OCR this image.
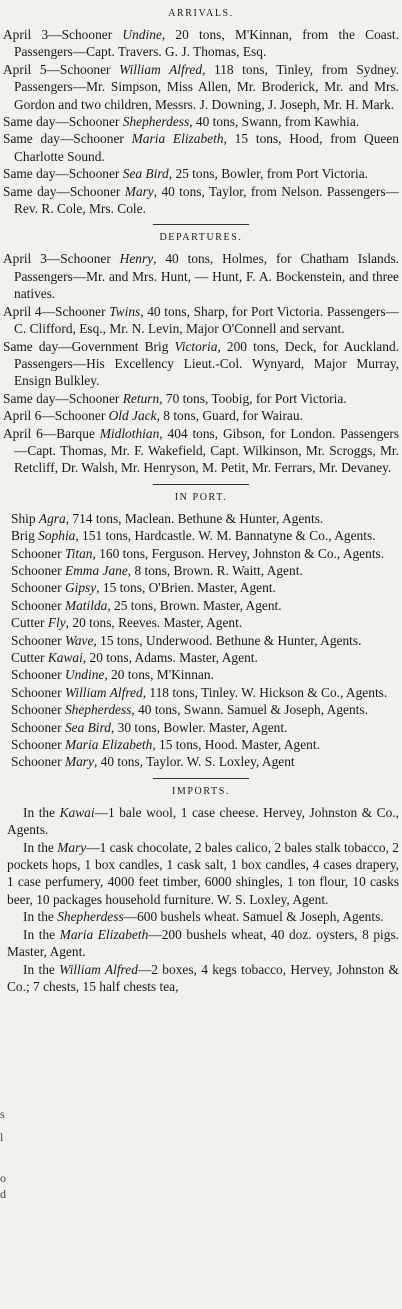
ARRIVALS.
April 3—Schooner Undine, 20 tons, M'Kinnan, from the Coast. Passengers—Capt. Travers. G. J. Thomas, Esq.
April 5—Schooner William Alfred, 118 tons, Tinley, from Sydney. Passengers—Mr. Simpson, Miss Allen, Mr. Broderick, Mr. and Mrs. Gordon and two children, Messrs. J. Downing, J. Joseph, Mr. H. Mark.
Same day—Schooner Shepherdess, 40 tons, Swann, from Kawhia.
Same day—Schooner Maria Elizabeth, 15 tons, Hood, from Queen Charlotte Sound.
Same day—Schooner Sea Bird, 25 tons, Bowler, from Port Victoria.
Same day—Schooner Mary, 40 tons, Taylor, from Nelson. Passengers—Rev. R. Cole, Mrs. Cole.
DEPARTURES.
April 3—Schooner Henry, 40 tons, Holmes, for Chatham Islands. Passengers—Mr. and Mrs. Hunt, — Hunt, F. A. Bockenstein, and three natives.
April 4—Schooner Twins, 40 tons, Sharp, for Port Victoria. Passengers—C. Clifford, Esq., Mr. N. Levin, Major O'Connell and servant.
Same day—Government Brig Victoria, 200 tons, Deck, for Auckland. Passengers—His Excellency Lieut.-Col. Wynyard, Major Murray, Ensign Bulkley.
Same day—Schooner Return, 70 tons, Toobig, for Port Victoria.
April 6—Schooner Old Jack, 8 tons, Guard, for Wairau.
April 6—Barque Midlothian, 404 tons, Gibson, for London. Passengers—Capt. Thomas, Mr. F. Wakefield, Capt. Wilkinson, Mr. Scroggs, Mr. Retcliff, Dr. Walsh, Mr. Henryson, M. Petit, Mr. Ferrars, Mr. Devaney.
IN PORT.
Ship Agra, 714 tons, Maclean. Bethune & Hunter, Agents.
Brig Sophia, 151 tons, Hardcastle. W. M. Bannatyne & Co., Agents.
Schooner Titan, 160 tons, Ferguson. Hervey, Johnston & Co., Agents.
Schooner Emma Jane, 8 tons, Brown. R. Waitt, Agent.
Schooner Gipsy, 15 tons, O'Brien. Master, Agent.
Schooner Matilda, 25 tons, Brown. Master, Agent.
Cutter Fly, 20 tons, Reeves. Master, Agent.
Schooner Wave, 15 tons, Underwood. Bethune & Hunter, Agents.
Cutter Kawai, 20 tons, Adams. Master, Agent.
Schooner Undine, 20 tons, M'Kinnan.
Schooner William Alfred, 118 tons, Tinley. W. Hickson & Co., Agents.
Schooner Shepherdess, 40 tons, Swann. Samuel & Joseph, Agents.
Schooner Sea Bird, 30 tons, Bowler. Master, Agent.
Schooner Maria Elizabeth, 15 tons, Hood. Master, Agent.
Schooner Mary, 40 tons, Taylor. W. S. Loxley, Agent
IMPORTS.
In the Kawai—1 bale wool, 1 case cheese. Hervey, Johnston & Co., Agents.
In the Mary—1 cask chocolate, 2 bales calico, 2 bales stalk tobacco, 2 pockets hops, 1 box candles, 1 cask salt, 1 box candles, 4 cases drapery, 1 case perfumery, 4000 feet timber, 6000 shingles, 1 ton flour, 10 casks beer, 10 packages household furniture. W. S. Loxley, Agent.
In the Shepherdess—600 bushels wheat. Samuel & Joseph, Agents.
In the Maria Elizabeth—200 bushels wheat, 40 doz. oysters, 8 pigs. Master, Agent.
In the William Alfred—2 boxes, 4 kegs tobacco, Hervey, Johnston & Co.; 7 chests, 15 half chests tea,
s
l
o
d
